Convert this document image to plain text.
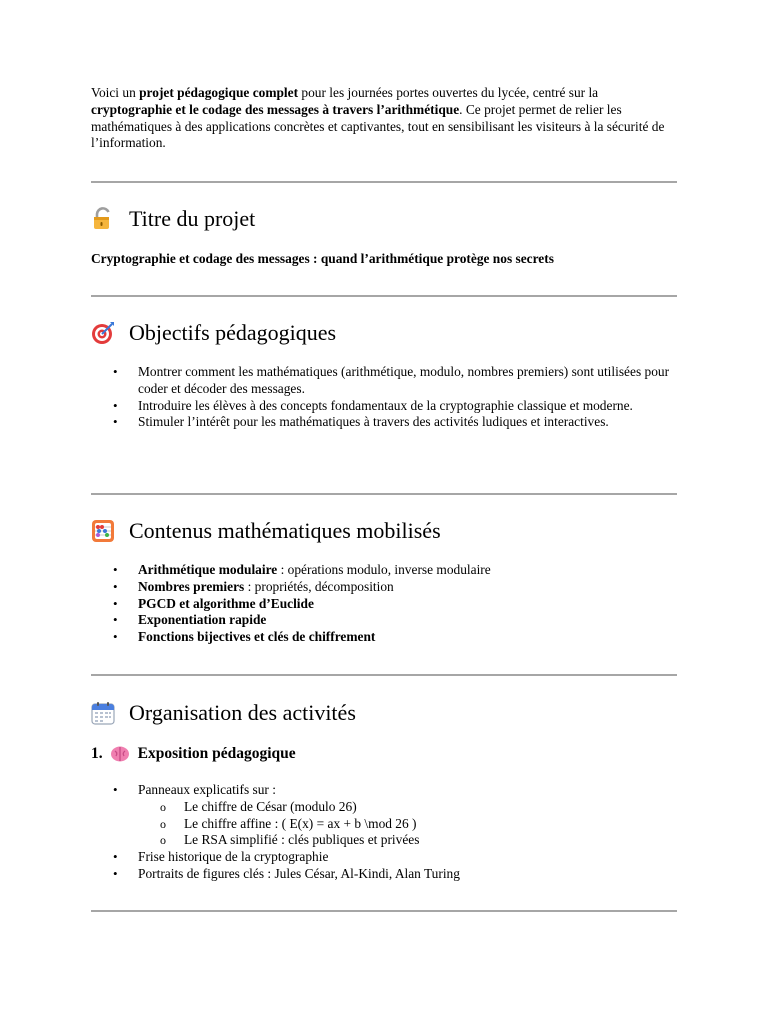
Voici un projet pédagogique complet pour les journées portes ouvertes du lycée, centré sur la cryptographie et le codage des messages à travers l’arithmétique. Ce projet permet de relier les mathématiques à des applications concrètes et captivantes, tout en sensibilisant les visiteurs à la sécurité de l’information.

Titre du projet
Cryptographie et codage des messages : quand l’arithmétique protège nos secrets
Objectifs pédagogiques
• Montrer comment les mathématiques (arithmétique, modulo, nombres premiers) sont utilisées pour coder et décoder des messages.
• Introduire les élèves à des concepts fondamentaux de la cryptographie classique et moderne.
• Stimuler l’intérêt pour les mathématiques à travers des activités ludiques et interactives.
Contenus mathématiques mobilisés
• Arithmétique modulaire : opérations modulo, inverse modulaire
• Nombres premiers : propriétés, décomposition
• PGCD et algorithme d’Euclide
• Exponentiation rapide
• Fonctions bijectives et clés de chiffrement
Organisation des activités
1. Exposition pédagogique
• Panneaux explicatifs sur :
o Le chiffre de César (modulo 26)
o Le chiffre affine : ( E(x) = ax + b \mod 26 )
o Le RSA simplifié : clés publiques et privées
• Frise historique de la cryptographie
• Portraits de figures clés : Jules César, Al-Kindi, Alan Turing
